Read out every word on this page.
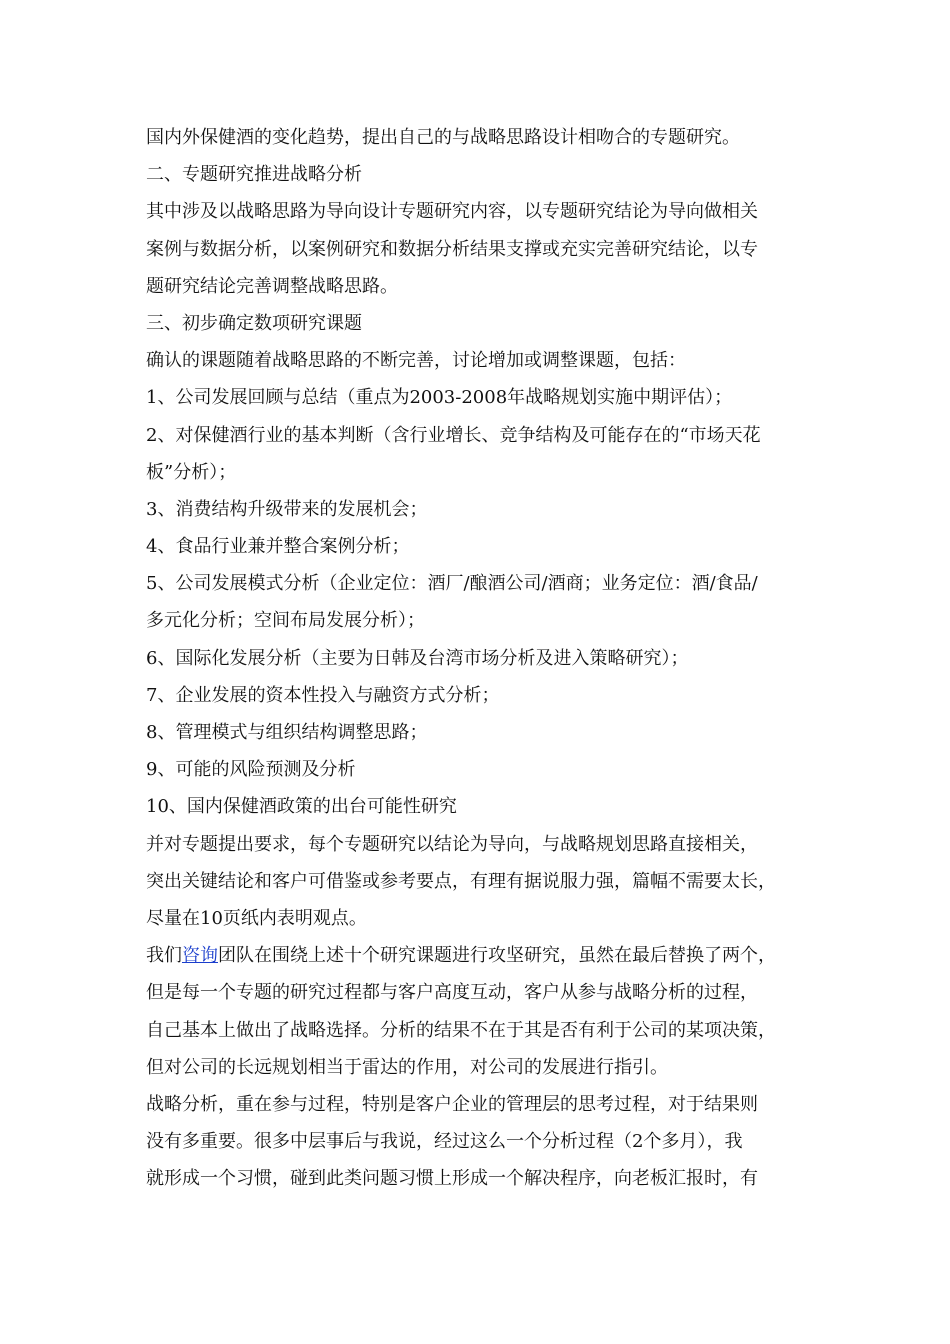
国内外保健酒的变化趋势，提出自己的与战略思路设计相吻合的专题研究。
二、专题研究推进战略分析
其中涉及以战略思路为导向设计专题研究内容，以专题研究结论为导向做相关
案例与数据分析，以案例研究和数据分析结果支撑或充实完善研究结论，以专
题研究结论完善调整战略思路。
三、初步确定数项研究课题
确认的课题随着战略思路的不断完善，讨论增加或调整课题，包括：
1、公司发展回顾与总结（重点为2003-2008年战略规划实施中期评估）；
2、对保健酒行业的基本判断（含行业增长、竞争结构及可能存在的“市场天花
板”分析）；
3、消费结构升级带来的发展机会；
4、食品行业兼并整合案例分析；
5、公司发展模式分析（企业定位：酒厂/酿酒公司/酒商；业务定位：酒/食品/
多元化分析；空间布局发展分析）；
6、国际化发展分析（主要为日韩及台湾市场分析及进入策略研究）；
7、企业发展的资本性投入与融资方式分析；
8、管理模式与组织结构调整思路；
9、可能的风险预测及分析
10、国内保健酒政策的出台可能性研究
并对专题提出要求，每个专题研究以结论为导向，与战略规划思路直接相关，
突出关键结论和客户可借鉴或参考要点，有理有据说服力强，篇幅不需要太长，
尽量在10页纸内表明观点。
我们咨询团队在围绕上述十个研究课题进行攻坚研究，虽然在最后替换了两个，
但是每一个专题的研究过程都与客户高度互动，客户从参与战略分析的过程，
自己基本上做出了战略选择。分析的结果不在于其是否有利于公司的某项决策，
但对公司的长远规划相当于雷达的作用，对公司的发展进行指引。
战略分析，重在参与过程，特别是客户企业的管理层的思考过程，对于结果则
没有多重要。很多中层事后与我说，经过这么一个分析过程（2个多月），我
就形成一个习惯，碰到此类问题习惯上形成一个解决程序，向老板汇报时，有
